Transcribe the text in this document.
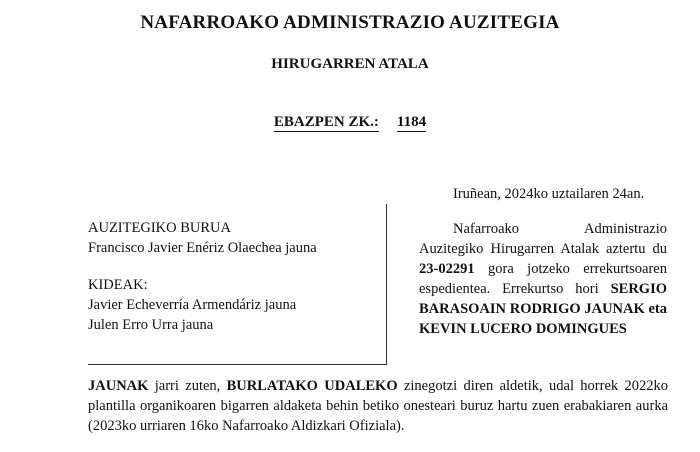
NAFARROAKO ADMINISTRAZIO AUZITEGIA
HIRUGARREN ATALA
EBAZPEN ZK.: 1184
AUZITEGIKO BURUA
Francisco Javier Enériz Olaechea jauna
KIDEAK:
Javier Echeverría Armendáriz jauna
Julen Erro Urra jauna

Iruñean, 2024ko uztailaren 24an.

Nafarroako Administrazio Auzitegiko Hirugarren Atalak aztertu du 23-02291 gora jotzeko errekurtsoaren espedientea. Errekurtso hori SERGIO BARASOAIN RODRIGO JAUNAK eta KEVIN LUCERO DOMINGUES

JAUNAK jarri zuten, BURLATAKO UDALEKO zinegotzi diren aldetik, udal horrek 2022ko plantilla organikoaren bigarren aldaketa behin betiko onesteari buruz hartu zuen erabakiaren aurka (2023ko urriaren 16ko Nafarroako Aldizkari Ofiziala).
